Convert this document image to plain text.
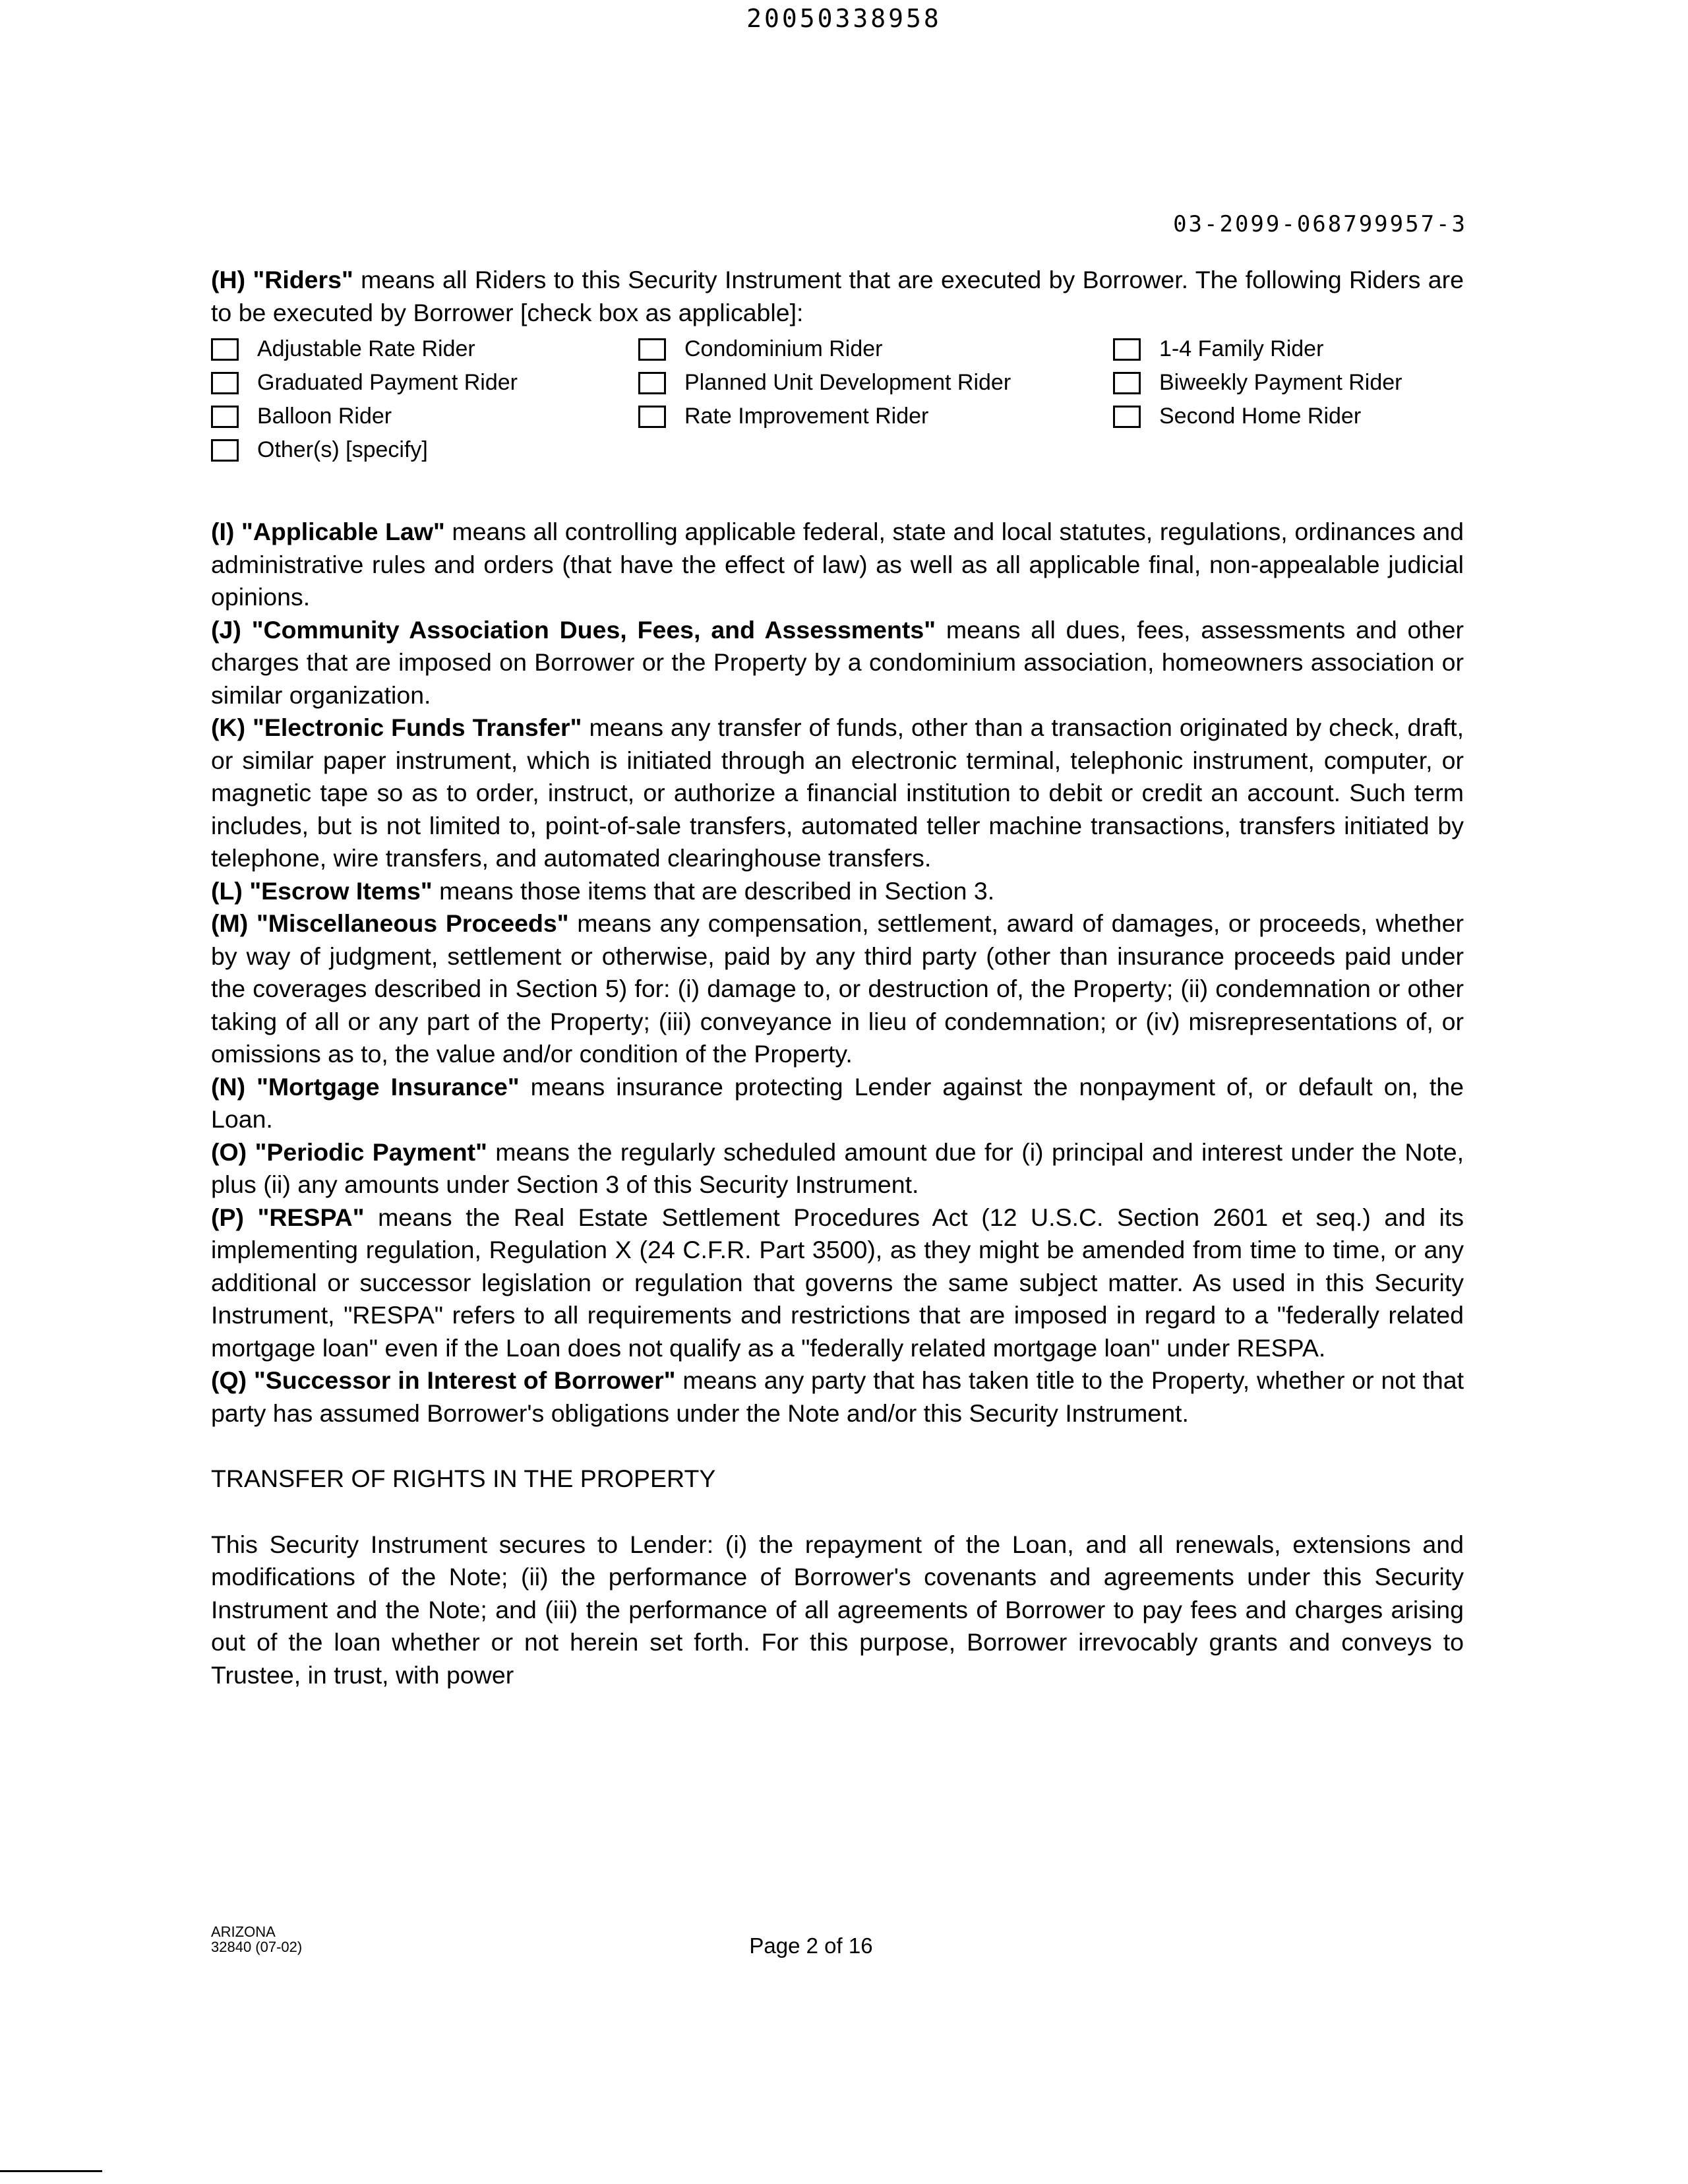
20050338958
03-2099-068799957-3

(H) "Riders" means all Riders to this Security Instrument that are executed by Borrower. The following Riders are to be executed by Borrower [check box as applicable]:

Adjustable Rate Rider	Condominium Rider	1-4 Family Rider
Graduated Payment Rider	Planned Unit Development Rider	Biweekly Payment Rider
Balloon Rider	Rate Improvement Rider	Second Home Rider
Other(s) [specify]

(I) "Applicable Law" means all controlling applicable federal, state and local statutes, regulations, ordinances and administrative rules and orders (that have the effect of law) as well as all applicable final, non-appealable judicial opinions.

(J) "Community Association Dues, Fees, and Assessments" means all dues, fees, assessments and other charges that are imposed on Borrower or the Property by a condominium association, homeowners association or similar organization.

(K) "Electronic Funds Transfer" means any transfer of funds, other than a transaction originated by check, draft, or similar paper instrument, which is initiated through an electronic terminal, telephonic instrument, computer, or magnetic tape so as to order, instruct, or authorize a financial institution to debit or credit an account. Such term includes, but is not limited to, point-of-sale transfers, automated teller machine transactions, transfers initiated by telephone, wire transfers, and automated clearinghouse transfers.

(L) "Escrow Items" means those items that are described in Section 3.

(M) "Miscellaneous Proceeds" means any compensation, settlement, award of damages, or proceeds, whether by way of judgment, settlement or otherwise, paid by any third party (other than insurance proceeds paid under the coverages described in Section 5) for: (i) damage to, or destruction of, the Property; (ii) condemnation or other taking of all or any part of the Property; (iii) conveyance in lieu of condemnation; or (iv) misrepresentations of, or omissions as to, the value and/or condition of the Property.

(N) "Mortgage Insurance" means insurance protecting Lender against the nonpayment of, or default on, the Loan.

(O) "Periodic Payment" means the regularly scheduled amount due for (i) principal and interest under the Note, plus (ii) any amounts under Section 3 of this Security Instrument.

(P) "RESPA" means the Real Estate Settlement Procedures Act (12 U.S.C. Section 2601 et seq.) and its implementing regulation, Regulation X (24 C.F.R. Part 3500), as they might be amended from time to time, or any additional or successor legislation or regulation that governs the same subject matter. As used in this Security Instrument, "RESPA" refers to all requirements and restrictions that are imposed in regard to a "federally related mortgage loan" even if the Loan does not qualify as a "federally related mortgage loan" under RESPA.

(Q) "Successor in Interest of Borrower" means any party that has taken title to the Property, whether or not that party has assumed Borrower's obligations under the Note and/or this Security Instrument.

TRANSFER OF RIGHTS IN THE PROPERTY

This Security Instrument secures to Lender: (i) the repayment of the Loan, and all renewals, extensions and modifications of the Note; (ii) the performance of Borrower's covenants and agreements under this Security Instrument and the Note; and (iii) the performance of all agreements of Borrower to pay fees and charges arising out of the loan whether or not herein set forth. For this purpose, Borrower irrevocably grants and conveys to Trustee, in trust, with power

ARIZONA
32840 (07-02)	Page 2 of 16
